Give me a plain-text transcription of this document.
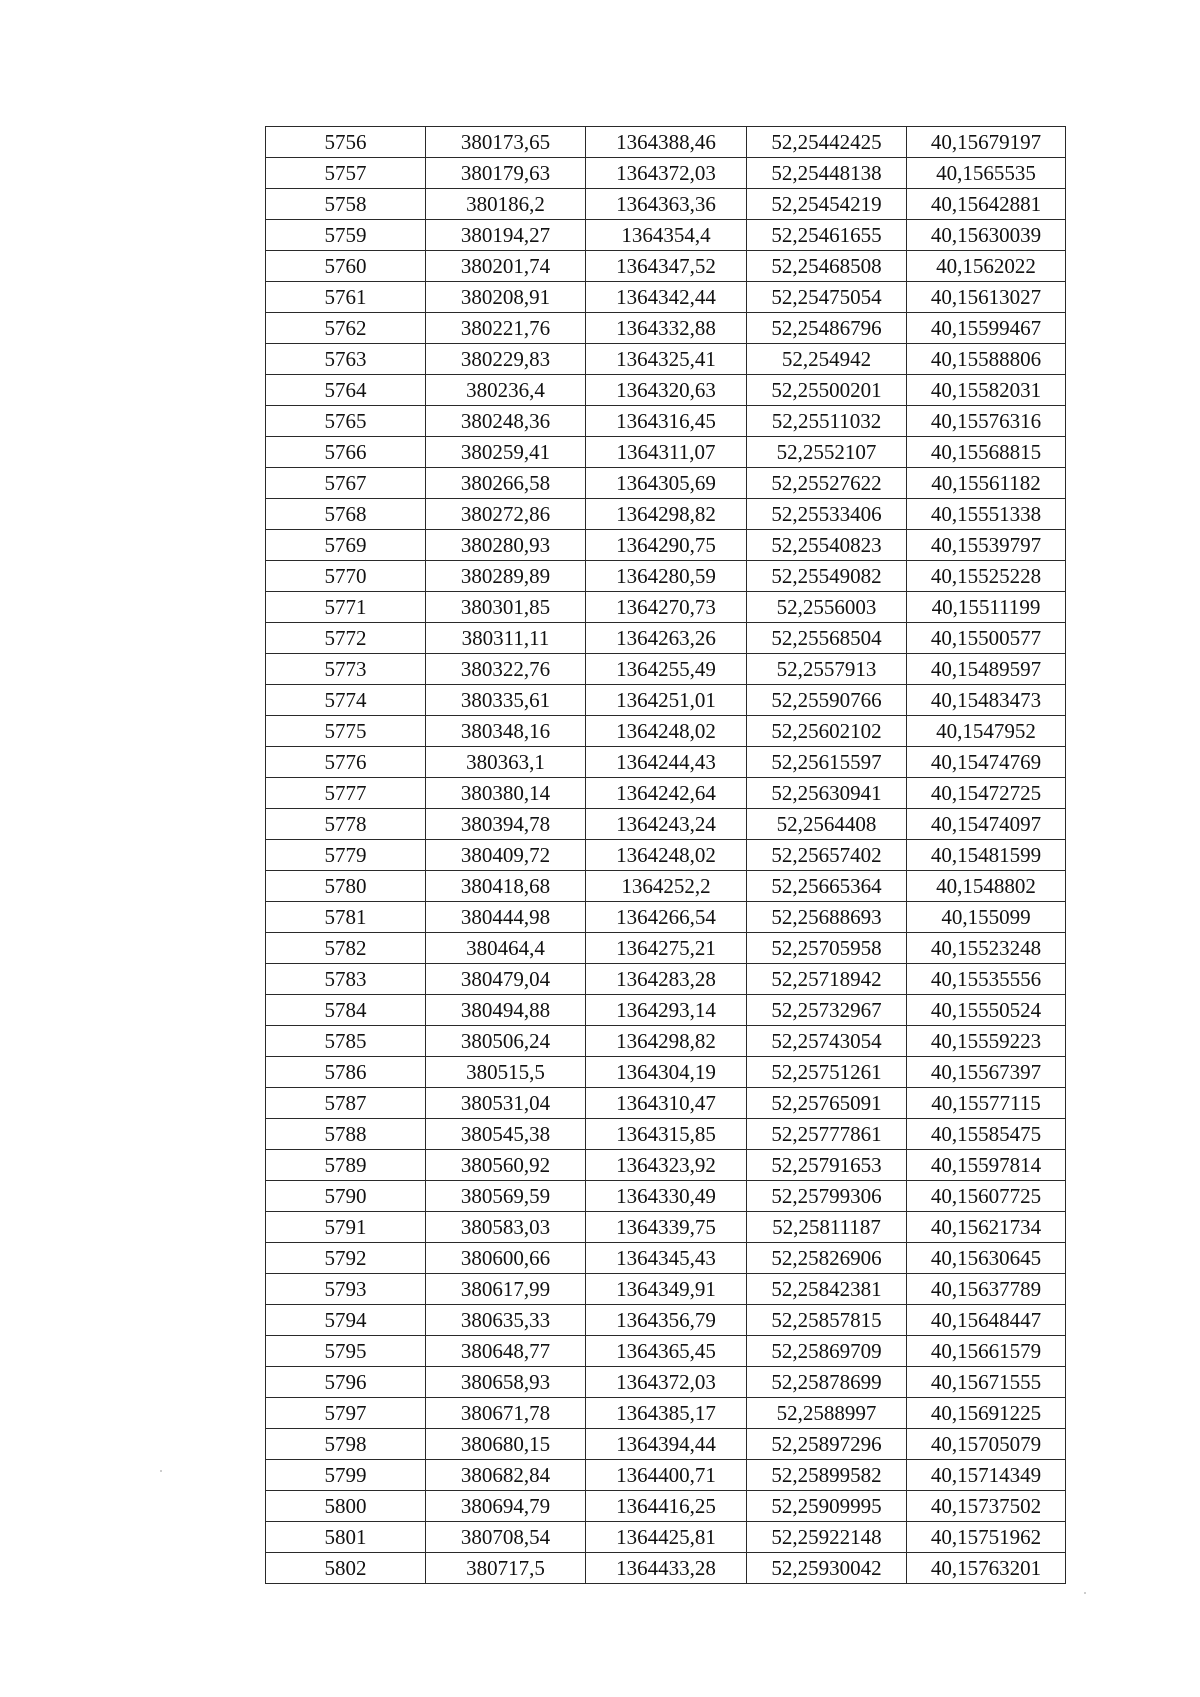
5756	380173,65	1364388,46	52,25442425	40,15679197
5757	380179,63	1364372,03	52,25448138	40,1565535
5758	380186,2	1364363,36	52,25454219	40,15642881
5759	380194,27	1364354,4	52,25461655	40,15630039
5760	380201,74	1364347,52	52,25468508	40,1562022
5761	380208,91	1364342,44	52,25475054	40,15613027
5762	380221,76	1364332,88	52,25486796	40,15599467
5763	380229,83	1364325,41	52,254942	40,15588806
5764	380236,4	1364320,63	52,25500201	40,15582031
5765	380248,36	1364316,45	52,25511032	40,15576316
5766	380259,41	1364311,07	52,2552107	40,15568815
5767	380266,58	1364305,69	52,25527622	40,15561182
5768	380272,86	1364298,82	52,25533406	40,15551338
5769	380280,93	1364290,75	52,25540823	40,15539797
5770	380289,89	1364280,59	52,25549082	40,15525228
5771	380301,85	1364270,73	52,2556003	40,15511199
5772	380311,11	1364263,26	52,25568504	40,15500577
5773	380322,76	1364255,49	52,2557913	40,15489597
5774	380335,61	1364251,01	52,25590766	40,15483473
5775	380348,16	1364248,02	52,25602102	40,1547952
5776	380363,1	1364244,43	52,25615597	40,15474769
5777	380380,14	1364242,64	52,25630941	40,15472725
5778	380394,78	1364243,24	52,2564408	40,15474097
5779	380409,72	1364248,02	52,25657402	40,15481599
5780	380418,68	1364252,2	52,25665364	40,1548802
5781	380444,98	1364266,54	52,25688693	40,155099
5782	380464,4	1364275,21	52,25705958	40,15523248
5783	380479,04	1364283,28	52,25718942	40,15535556
5784	380494,88	1364293,14	52,25732967	40,15550524
5785	380506,24	1364298,82	52,25743054	40,15559223
5786	380515,5	1364304,19	52,25751261	40,15567397
5787	380531,04	1364310,47	52,25765091	40,15577115
5788	380545,38	1364315,85	52,25777861	40,15585475
5789	380560,92	1364323,92	52,25791653	40,15597814
5790	380569,59	1364330,49	52,25799306	40,15607725
5791	380583,03	1364339,75	52,25811187	40,15621734
5792	380600,66	1364345,43	52,25826906	40,15630645
5793	380617,99	1364349,91	52,25842381	40,15637789
5794	380635,33	1364356,79	52,25857815	40,15648447
5795	380648,77	1364365,45	52,25869709	40,15661579
5796	380658,93	1364372,03	52,25878699	40,15671555
5797	380671,78	1364385,17	52,2588997	40,15691225
5798	380680,15	1364394,44	52,25897296	40,15705079
5799	380682,84	1364400,71	52,25899582	40,15714349
5800	380694,79	1364416,25	52,25909995	40,15737502
5801	380708,54	1364425,81	52,25922148	40,15751962
5802	380717,5	1364433,28	52,25930042	40,15763201
